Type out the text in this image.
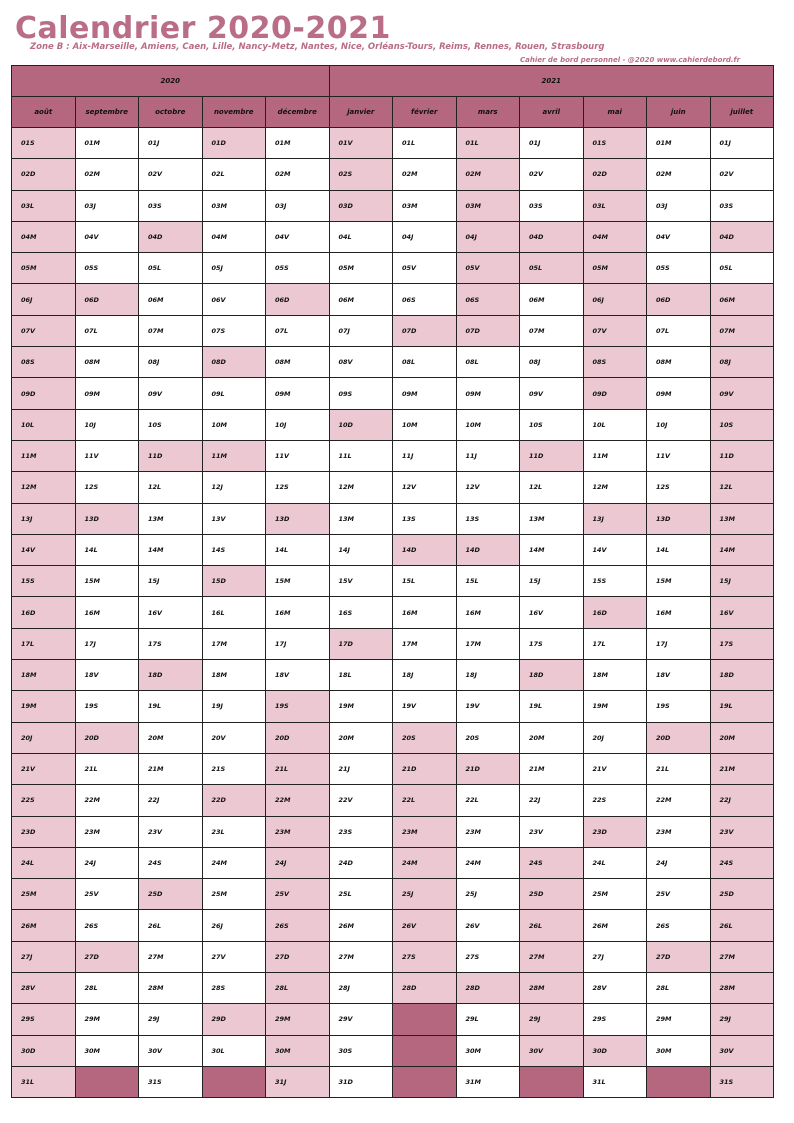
Calendrier 2020-2021
Zone B : Aix-Marseille, Amiens, Caen, Lille, Nancy-Metz, Nantes, Nice, Orléans-Tours, Reims, Rennes, Rouen, Strasbourg
Cahier de bord personnel - @2020 www.cahierdebord.fr
2020					2021						
août	septembre	octobre	novembre	décembre	janvier	février	mars	avril	mai	juin	juillet
01S	01M	01J	01D	01M	01V	01L	01L	01J	01S	01M	01J
02D	02M	02V	02L	02M	02S	02M	02M	02V	02D	02M	02V
03L	03J	03S	03M	03J	03D	03M	03M	03S	03L	03J	03S
04M	04V	04D	04M	04V	04L	04J	04J	04D	04M	04V	04D
05M	05S	05L	05J	05S	05M	05V	05V	05L	05M	05S	05L
06J	06D	06M	06V	06D	06M	06S	06S	06M	06J	06D	06M
07V	07L	07M	07S	07L	07J	07D	07D	07M	07V	07L	07M
08S	08M	08J	08D	08M	08V	08L	08L	08J	08S	08M	08J
09D	09M	09V	09L	09M	09S	09M	09M	09V	09D	09M	09V
10L	10J	10S	10M	10J	10D	10M	10M	10S	10L	10J	10S
11M	11V	11D	11M	11V	11L	11J	11J	11D	11M	11V	11D
12M	12S	12L	12J	12S	12M	12V	12V	12L	12M	12S	12L
13J	13D	13M	13V	13D	13M	13S	13S	13M	13J	13D	13M
14V	14L	14M	14S	14L	14J	14D	14D	14M	14V	14L	14M
15S	15M	15J	15D	15M	15V	15L	15L	15J	15S	15M	15J
16D	16M	16V	16L	16M	16S	16M	16M	16V	16D	16M	16V
17L	17J	17S	17M	17J	17D	17M	17M	17S	17L	17J	17S
18M	18V	18D	18M	18V	18L	18J	18J	18D	18M	18V	18D
19M	19S	19L	19J	19S	19M	19V	19V	19L	19M	19S	19L
20J	20D	20M	20V	20D	20M	20S	20S	20M	20J	20D	20M
21V	21L	21M	21S	21L	21J	21D	21D	21M	21V	21L	21M
22S	22M	22J	22D	22M	22V	22L	22L	22J	22S	22M	22J
23D	23M	23V	23L	23M	23S	23M	23M	23V	23D	23M	23V
24L	24J	24S	24M	24J	24D	24M	24M	24S	24L	24J	24S
25M	25V	25D	25M	25V	25L	25J	25J	25D	25M	25V	25D
26M	26S	26L	26J	26S	26M	26V	26V	26L	26M	26S	26L
27J	27D	27M	27V	27D	27M	27S	27S	27M	27J	27D	27M
28V	28L	28M	28S	28L	28J	28D	28D	28M	28V	28L	28M
29S	29M	29J	29D	29M	29V		29L	29J	29S	29M	29J
30D	30M	30V	30L	30M	30S		30M	30V	30D	30M	30V
31L		31S		31J	31D		31M		31L		31S
